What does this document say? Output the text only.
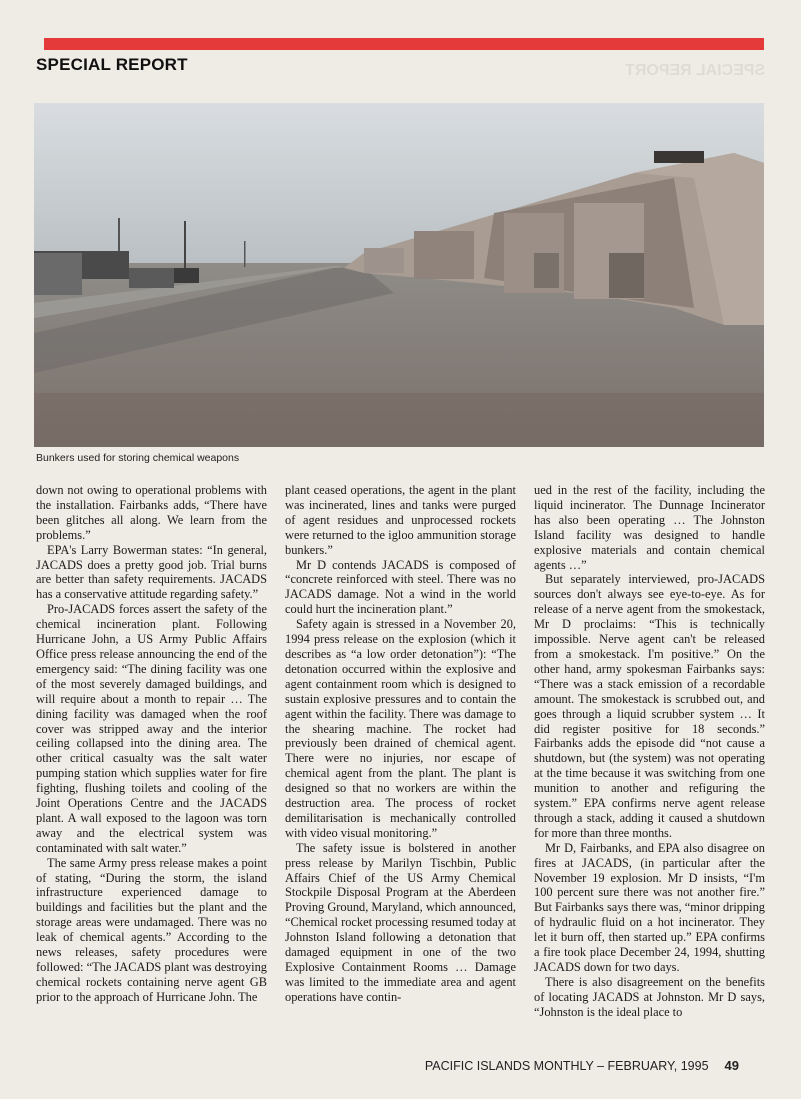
SPECIAL REPORT	SPECIAL REPORT
Bunkers used for storing chemical weapons

down not owing to operational problems with the installation. Fairbanks adds, “There have been glitches all along. We learn from the problems.”

EPA's Larry Bowerman states: “In general, JACADS does a pretty good job. Trial burns are better than safety requirements. JACADS has a conservative attitude regarding safety.”

Pro-JACADS forces assert the safety of the chemical incineration plant. Following Hurricane John, a US Army Public Affairs Office press release announcing the end of the emergency said: “The dining facility was one of the most severely damaged buildings, and will require about a month to repair … The dining facility was damaged when the roof cover was stripped away and the interior ceiling collapsed into the dining area. The other critical casualty was the salt water pumping station which supplies water for fire fighting, flushing toilets and cooling of the Joint Operations Centre and the JACADS plant. A wall exposed to the lagoon was torn away and the electrical system was contaminated with salt water.”

The same Army press release makes a point of stating, “During the storm, the island infrastructure experienced damage to buildings and facilities but the plant and the storage areas were undamaged. There was no leak of chemical agents.” According to the news releases, safety procedures were followed: “The JACADS plant was destroying chemical rockets containing nerve agent GB prior to the approach of Hurricane John. The

plant ceased operations, the agent in the plant was incinerated, lines and tanks were purged of agent residues and unprocessed rockets were returned to the igloo ammunition storage bunkers.”

Mr D contends JACADS is composed of “concrete reinforced with steel. There was no JACADS damage. Not a wind in the world could hurt the incineration plant.”

Safety again is stressed in a November 20, 1994 press release on the explosion (which it describes as “a low order detonation”): “The detonation occurred within the explosive and agent containment room which is designed to sustain explosive pressures and to contain the agent within the facility. There was damage to the shearing machine. The rocket had previously been drained of chemical agent. There were no injuries, nor escape of chemical agent from the plant. The plant is designed so that no workers are within the destruction area. The process of rocket demilitarisation is mechanically controlled with video visual monitoring.”

The safety issue is bolstered in another press release by Marilyn Tischbin, Public Affairs Chief of the US Army Chemical Stockpile Disposal Program at the Aberdeen Proving Ground, Maryland, which announced, “Chemical rocket processing resumed today at Johnston Island following a detonation that damaged equipment in one of the two Explosive Containment Rooms … Damage was limited to the immediate area and agent operations have contin-

ued in the rest of the facility, including the liquid incinerator. The Dunnage Incinerator has also been operating … The Johnston Island facility was designed to handle explosive materials and contain chemical agents …”

But separately interviewed, pro-JACADS sources don't always see eye-to-eye. As for release of a nerve agent from the smokestack, Mr D proclaims: “This is technically impossible. Nerve agent can't be released from a smokestack. I'm positive.” On the other hand, army spokesman Fairbanks says: “There was a stack emission of a recordable amount. The smokestack is scrubbed out, and goes through a liquid scrubber system … It did register positive for 18 seconds.” Fairbanks adds the episode did “not cause a shutdown, but (the system) was not operating at the time because it was switching from one munition to another and refiguring the system.” EPA confirms nerve agent release through a stack, adding it caused a shutdown for more than three months.

Mr D, Fairbanks, and EPA also disagree on fires at JACADS, (in particular after the November 19 explosion. Mr D insists, “I'm 100 percent sure there was not another fire.” But Fairbanks says there was, “minor dripping of hydraulic fluid on a hot incinerator. They let it burn off, then started up.” EPA confirms a fire took place December 24, 1994, shutting JACADS down for two days.

There is also disagreement on the benefits of locating JACADS at Johnston. Mr D says, “Johnston is the ideal place to

PACIFIC ISLANDS MONTHLY – FEBRUARY, 1995 49
